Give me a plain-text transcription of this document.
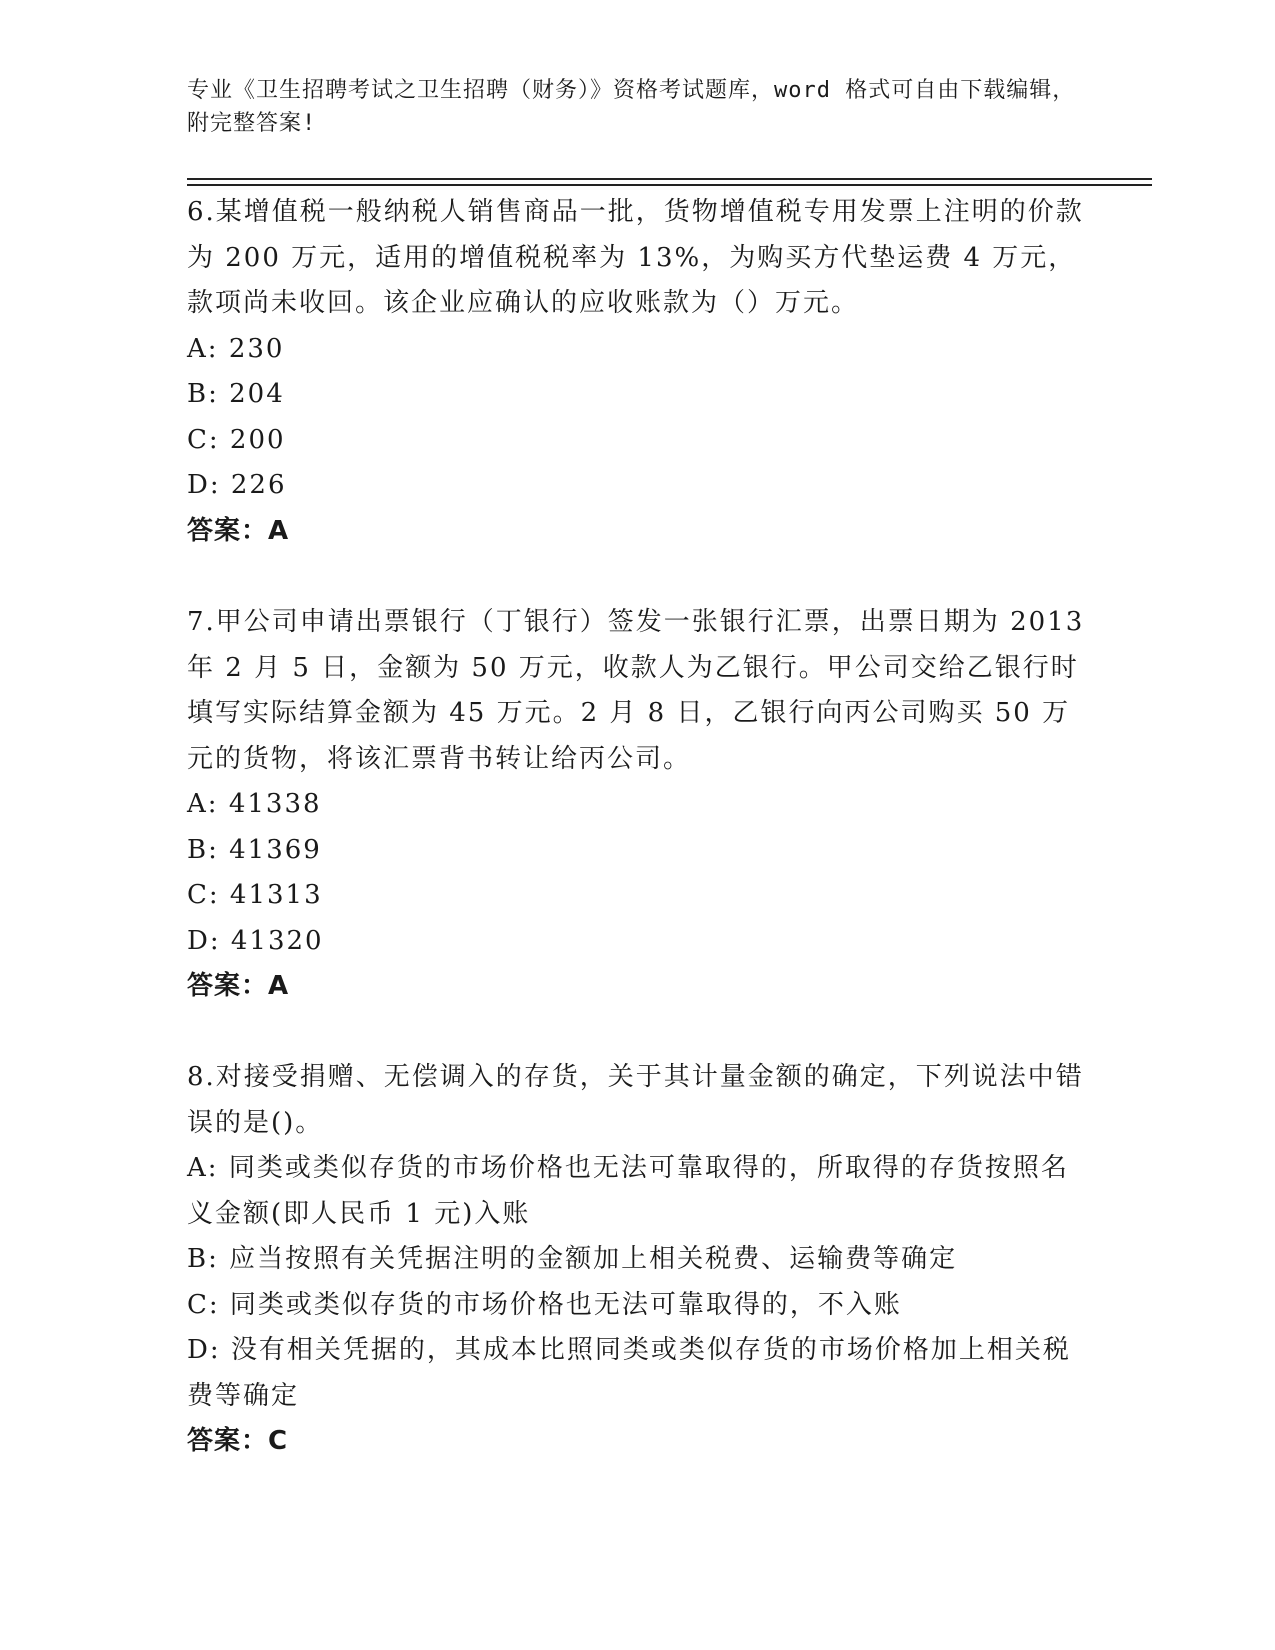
专业《卫生招聘考试之卫生招聘（财务）》资格考试题库，word 格式可自由下载编辑，附完整答案!

6.某增值税一般纳税人销售商品一批，货物增值税专用发票上注明的价款为 200 万元，适用的增值税税率为 13%，为购买方代垫运费 4 万元，款项尚未收回。该企业应确认的应收账款为（）万元。

A: 230

B: 204

C: 200

D: 226

答案：A

7.甲公司申请出票银行（丁银行）签发一张银行汇票，出票日期为 2013 年 2 月 5 日，金额为 50 万元，收款人为乙银行。甲公司交给乙银行时填写实际结算金额为 45 万元。2 月 8 日，乙银行向丙公司购买 50 万元的货物，将该汇票背书转让给丙公司。

A: 41338

B: 41369

C: 41313

D: 41320

答案：A

8.对接受捐赠、无偿调入的存货，关于其计量金额的确定，下列说法中错误的是()。

A: 同类或类似存货的市场价格也无法可靠取得的，所取得的存货按照名义金额(即人民币 1 元)入账

B: 应当按照有关凭据注明的金额加上相关税费、运输费等确定

C: 同类或类似存货的市场价格也无法可靠取得的，不入账

D: 没有相关凭据的，其成本比照同类或类似存货的市场价格加上相关税费等确定

答案：C
